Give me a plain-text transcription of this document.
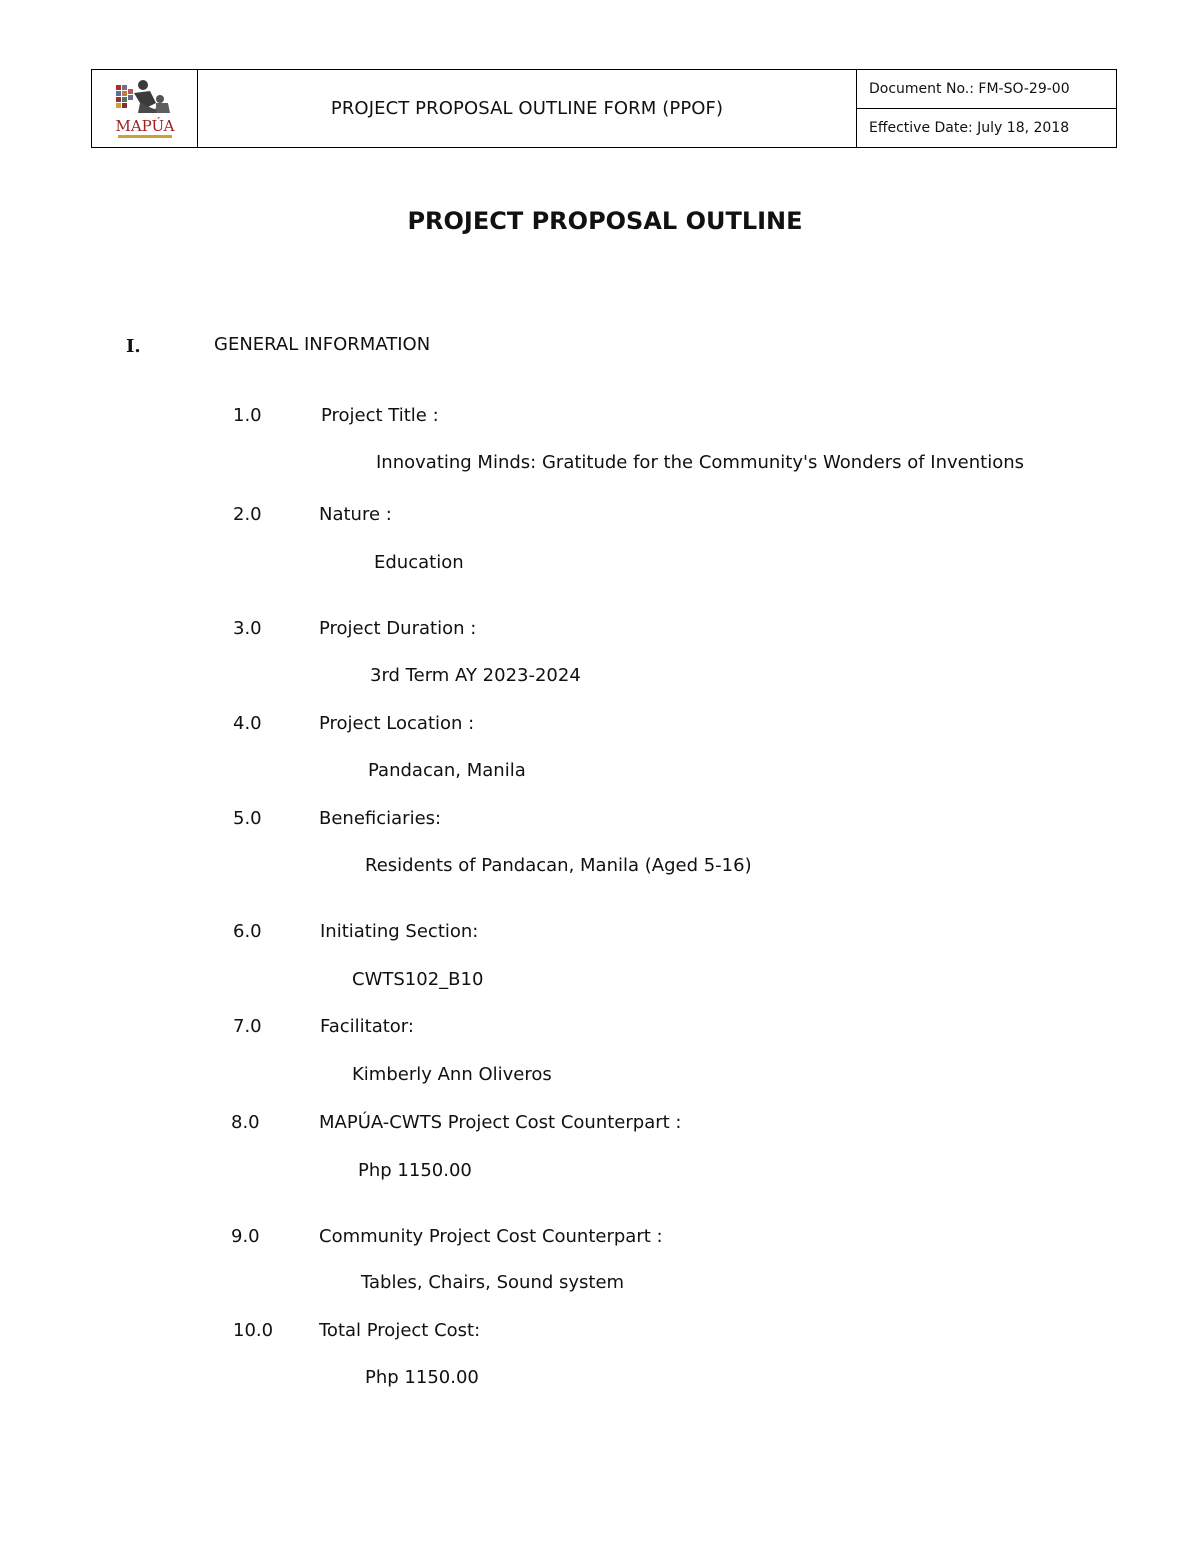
MAPÚA
PROJECT PROPOSAL OUTLINE FORM (PPOF)
Document No.: FM-SO-29-00
Effective Date: July 18, 2018
PROJECT PROPOSAL OUTLINE
I.	GENERAL INFORMATION
1.0	Project Title :
Innovating Minds: Gratitude for the Community's Wonders of Inventions
2.0	Nature :
Education
3.0	Project Duration :
3rd Term AY 2023-2024
4.0	Project Location :
Pandacan, Manila
5.0	Beneficiaries:
Residents of Pandacan, Manila (Aged 5-16)
6.0	Initiating Section:
CWTS102_B10
7.0	Facilitator:
Kimberly Ann Oliveros
8.0	MAPÚA-CWTS Project Cost Counterpart :
Php 1150.00
9.0	Community Project Cost Counterpart :
Tables, Chairs, Sound system
10.0	Total Project Cost:
Php 1150.00
